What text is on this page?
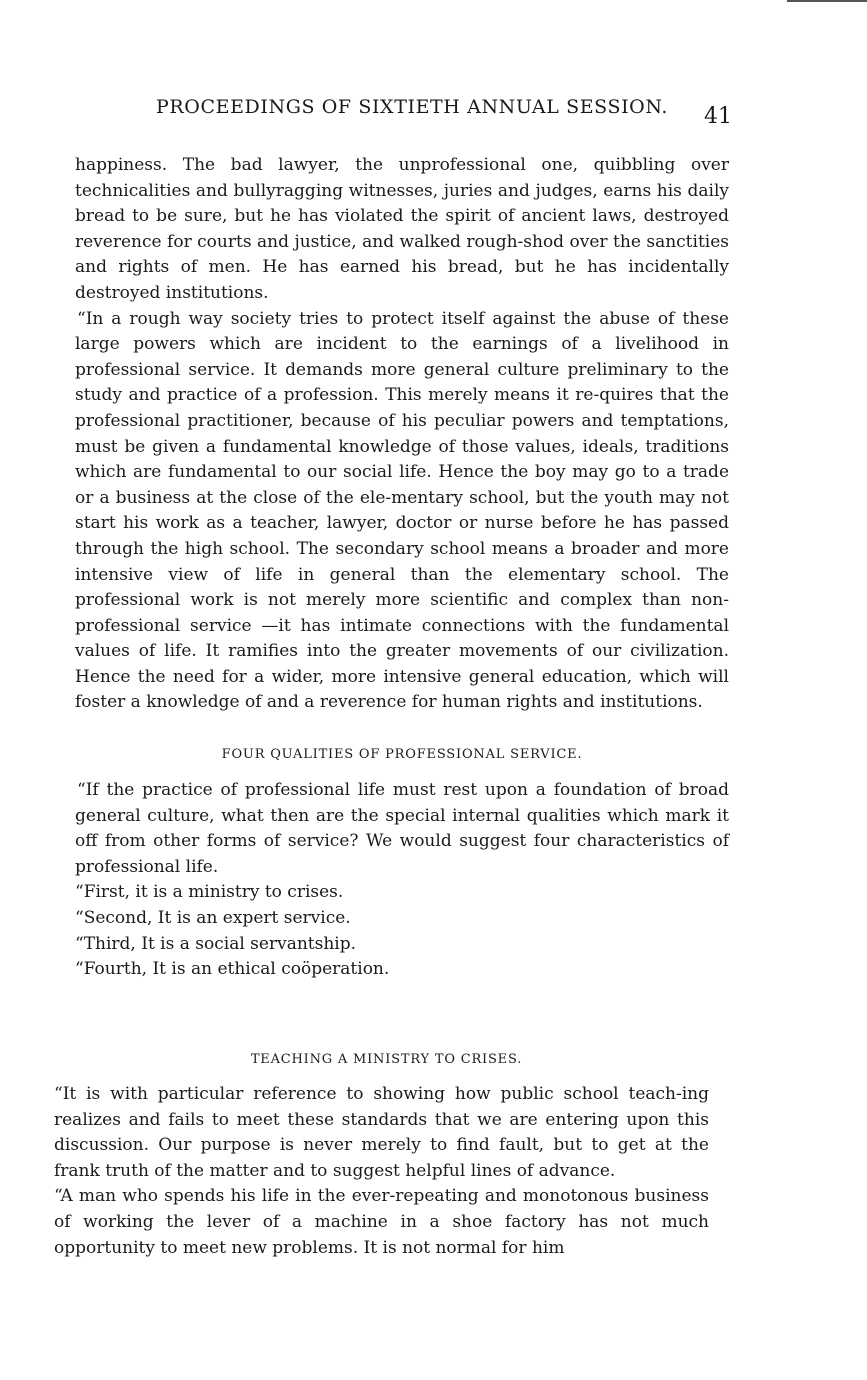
PROCEEDINGS OF SIXTIETH ANNUAL SESSION. 41

happiness. The bad lawyer, the unprofessional one, quibbling over technicalities and bullyragging witnesses, juries and judges, earns his daily bread to be sure, but he has violated the spirit of ancient laws, destroyed reverence for courts and justice, and walked rough-shod over the sanctities and rights of men. He has earned his bread, but he has incidentally destroyed institutions.

“In a rough way society tries to protect itself against the abuse of these large powers which are incident to the earnings of a livelihood in professional service. It demands more general culture preliminary to the study and practice of a profession. This merely means it re-quires that the professional practitioner, because of his peculiar powers and temptations, must be given a fundamental knowledge of those values, ideals, traditions which are fundamental to our social life. Hence the boy may go to a trade or a business at the close of the ele-mentary school, but the youth may not start his work as a teacher, lawyer, doctor or nurse before he has passed through the high school. The secondary school means a broader and more intensive view of life in general than the elementary school. The professional work is not merely more scientific and complex than non-professional service —it has intimate connections with the fundamental values of life. It ramifies into the greater movements of our civilization. Hence the need for a wider, more intensive general education, which will foster a knowledge of and a reverence for human rights and institutions.

FOUR QUALITIES OF PROFESSIONAL SERVICE.

“If the practice of professional life must rest upon a foundation of broad general culture, what then are the special internal qualities which mark it off from other forms of service? We would suggest four characteristics of professional life.

“First, it is a ministry to crises.

“Second, It is an expert service.

“Third, It is a social servantship.

“Fourth, It is an ethical coöperation.

TEACHING A MINISTRY TO CRISES.

“It is with particular reference to showing how public school teach-ing realizes and fails to meet these standards that we are entering upon this discussion. Our purpose is never merely to find fault, but to get at the frank truth of the matter and to suggest helpful lines of advance.

“A man who spends his life in the ever-repeating and monotonous business of working the lever of a machine in a shoe factory has not much opportunity to meet new problems. It is not normal for him
